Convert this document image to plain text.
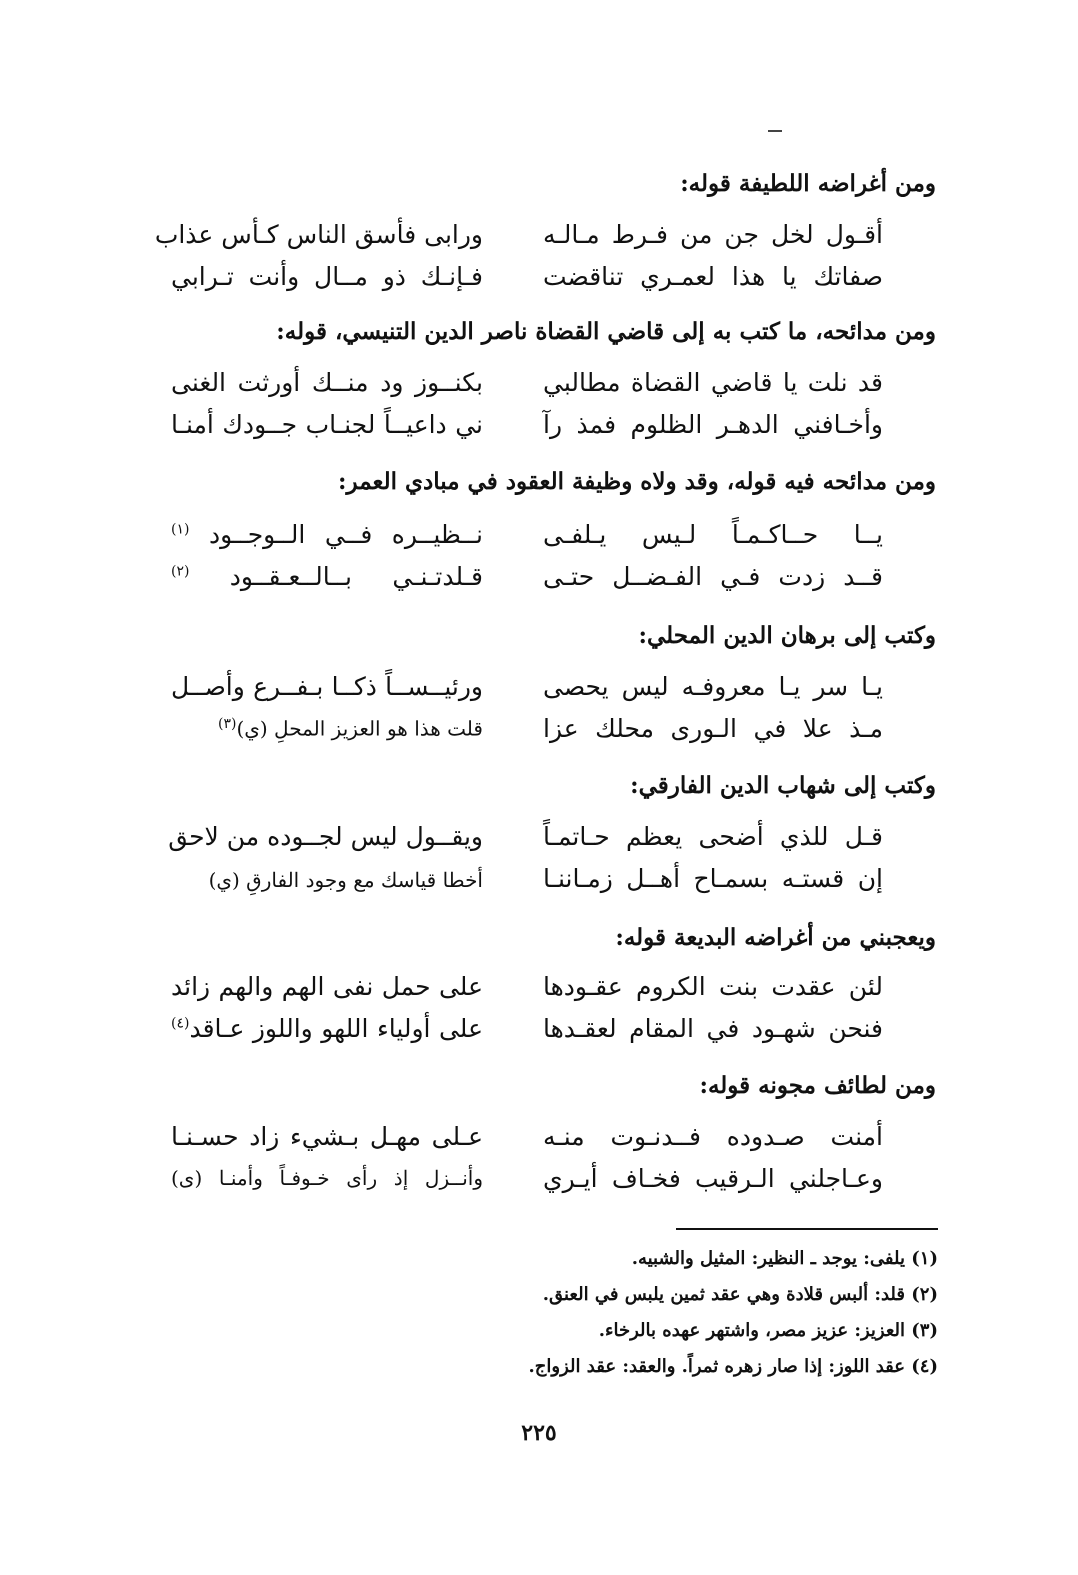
ومن أغراضه اللطيفة قوله:
أقـول لخل جن من فـرط مـالـه
ورابى فأسق الناس كـأس عذاب
صفاتك يا هذا لعمـري تناقضت
فـإنـك ذو مــال وأنت تـرابي
ومن مدائحه، ما كتب به إلى قاضي القضاة ناصر الدين التنيسي، قوله:
قد نلت يا قاضي القضاة مطالبي
بكنــوز ود منــك أورثت الغنى
وأخـافني الدهـر الظلوم فمذ رآ
ني داعيــاً لجنـاب جــودك أمنـا
ومن مدائحه فيه قوله، وقد ولاه وظيفة العقود في مبادي العمر:
يــا حــاكـمـاً لـيس يـلفـى
نــظيــره فــي الــوجــود $^{(١)}$
قــد زدت فـي الفـضــل حتـى
قـلدتـنـي بــالــعـقــود $^{(٢)}$
وكتب إلى برهان الدين المحلي:
يـا سر يـا معروفـه ليس يحصى
ورئيــســاً ذكــا بـفــرع وأصــل
مـذ علا في الـورى محلك عزا
قلت هذا هو العزيز المحلِ (ي)$^{(٣)}$
وكتب إلى شهاب الدين الفارقي:
قـل للذي أضحى يعظم حـاتمـاً
ويقــول ليس لجــوده من لاحق
إن قستـه بسمـاح أهــل زمـاننـا
أخطا قياسك مع وجود الفارقِ (ي)
ويعجبني من أغراضه البديعة قوله:
لئن عقدت بنت الكروم عقـودها
على حمل نفى الهم والهم زائد
فنحن شهـود في المقام لعقـدها
على أولياء اللهو واللوز عـاقد$^{(٤)}$
ومن لطائف مجونه قوله:
أمنت صـدوده فــدنـوت منـه
عـلى مهـل بـشيء زاد حسـنـا
وعـاجلني الـرقيب فخـاف أيـري
وأنــزل إذ رأى خـوفـاً وأمنـا (ى)
(١) يلفى: يوجد ـ النظير: المثيل والشبيه.
(٢) قلد: ألبس قلادة وهي عقد ثمين يلبس في العنق.
(٣) العزيز: عزيز مصر، واشتهر عهده بالرخاء.
(٤) عقد اللوز: إذا صار زهره ثمراً. والعقد: عقد الزواج.
٢٢٥
